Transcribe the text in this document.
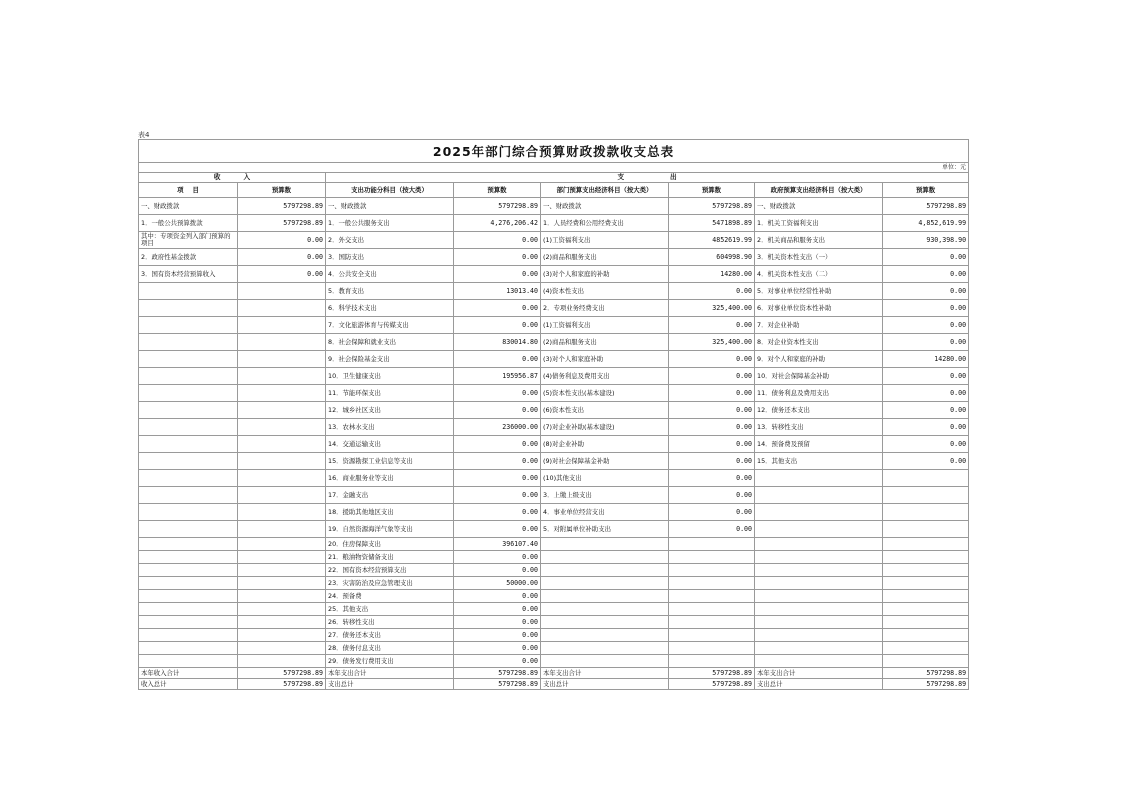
表4
2025年部门综合预算财政拨款收支总表							
单位：元							
收          入		支                    出					
项    目	预算数	支出功能分科目（按大类）	预算数	部门预算支出经济科目（按大类）	预算数	政府预算支出经济科目（按大类）	预算数
一、财政拨款	5797298.89	一、财政拨款	5797298.89	一、财政拨款	5797298.89	一、财政拨款	5797298.89
1．一般公共预算拨款	5797298.89	1．一般公共服务支出	4,276,206.42	1．人员经费和公用经费支出	5471898.89	1．机关工资福利支出	4,852,619.99
其中：专项资金列入部门预算的项目	0.00	2．外交支出	0.00	(1)工资福利支出	4852619.99	2．机关商品和服务支出	930,398.90
2．政府性基金拨款	0.00	3．国防支出	0.00	(2)商品和服务支出	604998.90	3．机关资本性支出（一）	0.00
3．国有资本经营预算收入	0.00	4．公共安全支出	0.00	(3)对个人和家庭的补助	14280.00	4．机关资本性支出（二）	0.00
		5．教育支出	13013.40	(4)资本性支出	0.00	5．对事业单位经常性补助	0.00
		6．科学技术支出	0.00	2．专项业务经费支出	325,400.00	6．对事业单位资本性补助	0.00
		7．文化旅游体育与传媒支出	0.00	(1)工资福利支出	0.00	7．对企业补助	0.00
		8．社会保障和就业支出	830014.80	(2)商品和服务支出	325,400.00	8．对企业资本性支出	0.00
		9．社会保险基金支出	0.00	(3)对个人和家庭补助	0.00	9．对个人和家庭的补助	14280.00
		10．卫生健康支出	195956.87	(4)债务利息及费用支出	0.00	10．对社会保障基金补助	0.00
		11．节能环保支出	0.00	(5)资本性支出(基本建设)	0.00	11．债务利息及费用支出	0.00
		12．城乡社区支出	0.00	(6)资本性支出	0.00	12．债务还本支出	0.00
		13．农林水支出	236000.00	(7)对企业补助(基本建设)	0.00	13．转移性支出	0.00
		14．交通运输支出	0.00	(8)对企业补助	0.00	14．预备费及预留	0.00
		15．资源勘探工业信息等支出	0.00	(9)对社会保障基金补助	0.00	15．其他支出	0.00
		16．商业服务业等支出	0.00	(10)其他支出	0.00		
		17．金融支出	0.00	3．上缴上级支出	0.00		
		18．援助其他地区支出	0.00	4．事业单位经营支出	0.00		
		19．自然资源海洋气象等支出	0.00	5．对附属单位补助支出	0.00		
		20．住房保障支出	396107.40				
		21．粮油物资储备支出	0.00				
		22．国有资本经营预算支出	0.00				
		23．灾害防治及应急管理支出	50000.00				
		24．预备费	0.00				
		25．其他支出	0.00				
		26．转移性支出	0.00				
		27．债务还本支出	0.00				
		28．债务付息支出	0.00				
		29．债务发行费用支出	0.00				
本年收入合计	5797298.89	本年支出合计	5797298.89	本年支出合计	5797298.89	本年支出合计	5797298.89
收入总计	5797298.89	支出总计	5797298.89	支出总计	5797298.89	支出总计	5797298.89
